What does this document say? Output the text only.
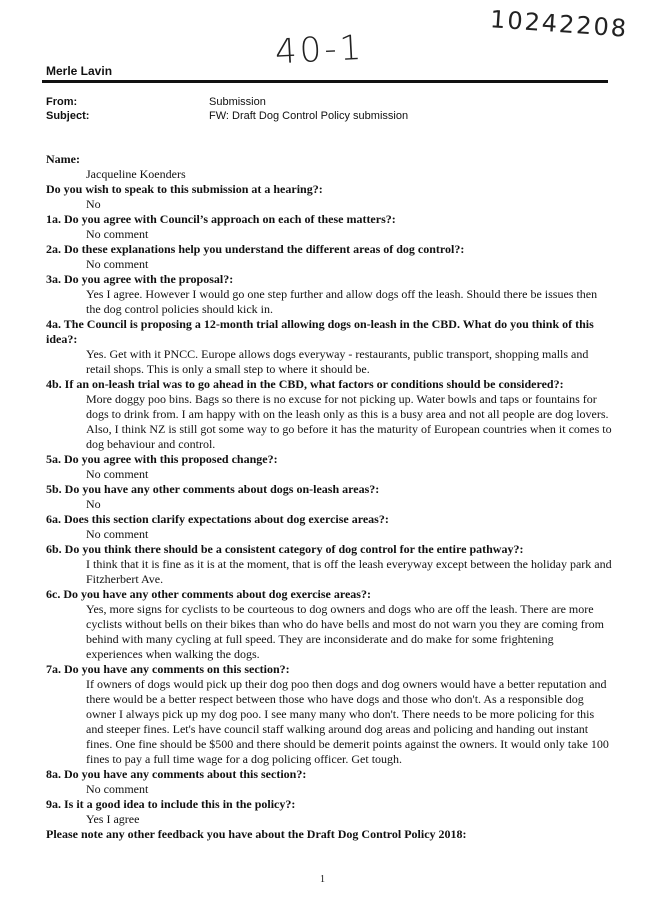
40-1
10242208
Merle Lavin
From:	Submission
Subject:	FW: Draft Dog Control Policy submission

Name:

Jacqueline Koenders

Do you wish to speak to this submission at a hearing?:

No

1a. Do you agree with Council’s approach on each of these matters?:

No comment

2a. Do these explanations help you understand the different areas of dog control?:

No comment

3a. Do you agree with the proposal?:

Yes I agree. However I would go one step further and allow dogs off the leash. Should there be issues then the dog control policies should kick in.

4a. The Council is proposing a 12-month trial allowing dogs on-leash in the CBD. What do you think of this idea?:

Yes. Get with it PNCC. Europe allows dogs everyway - restaurants, public transport, shopping malls and retail shops. This is only a small step to where it should be.

4b. If an on-leash trial was to go ahead in the CBD, what factors or conditions should be considered?:

More doggy poo bins. Bags so there is no excuse for not picking up. Water bowls and taps or fountains for dogs to drink from. I am happy with on the leash only as this is a busy area and not all people are dog lovers. Also, I think NZ is still got some way to go before it has the maturity of European countries when it comes to dog behaviour and control.

5a. Do you agree with this proposed change?:

No comment

5b. Do you have any other comments about dogs on-leash areas?:

No

6a. Does this section clarify expectations about dog exercise areas?:

No comment

6b. Do you think there should be a consistent category of dog control for the entire pathway?:

I think that it is fine as it is at the moment, that is off the leash everyway except between the holiday park and Fitzherbert Ave.

6c. Do you have any other comments about dog exercise areas?:

Yes, more signs for cyclists to be courteous to dog owners and dogs who are off the leash. There are more cyclists without bells on their bikes than who do have bells and most do not warn you they are coming from behind with many cycling at full speed. They are inconsiderate and do make for some frightening experiences when walking the dogs.

7a. Do you have any comments on this section?:

If owners of dogs would pick up their dog poo then dogs and dog owners would have a better reputation and there would be a better respect between those who have dogs and those who don't. As a responsible dog owner I always pick up my dog poo. I see many many who don't. There needs to be more policing for this and steeper fines. Let's have council staff walking around dog areas and policing and handing out instant fines. One fine should be $500 and there should be demerit points against the owners. It would only take 100 fines to pay a full time wage for a dog policing officer. Get tough.

8a. Do you have any comments about this section?:

No comment

9a. Is it a good idea to include this in the policy?:

Yes I agree

Please note any other feedback you have about the Draft Dog Control Policy 2018:

1
